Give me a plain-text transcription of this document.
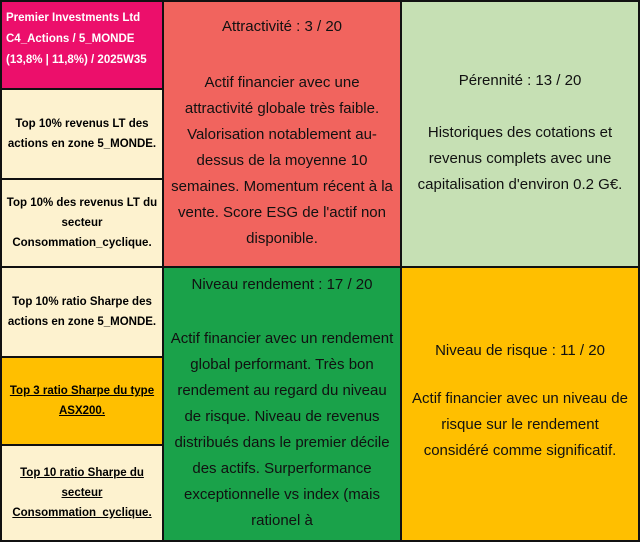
Premier Investments Ltd
C4_Actions / 5_MONDE
(13,8% | 11,8%) / 2025W35
Top 10% revenus LT des actions en zone 5_MONDE.
Top 10% des revenus LT du secteur Consommation_cyclique.
Top 10% ratio Sharpe des actions en zone 5_MONDE.
Top 3 ratio Sharpe du type ASX200.
Top 10 ratio Sharpe du secteur Consommation_cyclique.
Attractivité : 3 / 20
Actif financier avec une attractivité globale très faible. Valorisation notablement au-dessus de la moyenne 10 semaines. Momentum récent à la vente. Score ESG de l'actif non disponible.
Pérennité : 13 / 20
Historiques des cotations et revenus complets avec une capitalisation d'environ 0.2 G€.
Niveau rendement : 17 / 20
Actif financier avec un rendement global performant. Très bon rendement au regard du niveau de risque. Niveau de revenus distribués dans le premier décile des actifs. Surperformance exceptionnelle vs index (mais rationel à
Niveau de risque : 11 / 20
Actif financier avec un niveau de risque sur le rendement considéré comme significatif.
